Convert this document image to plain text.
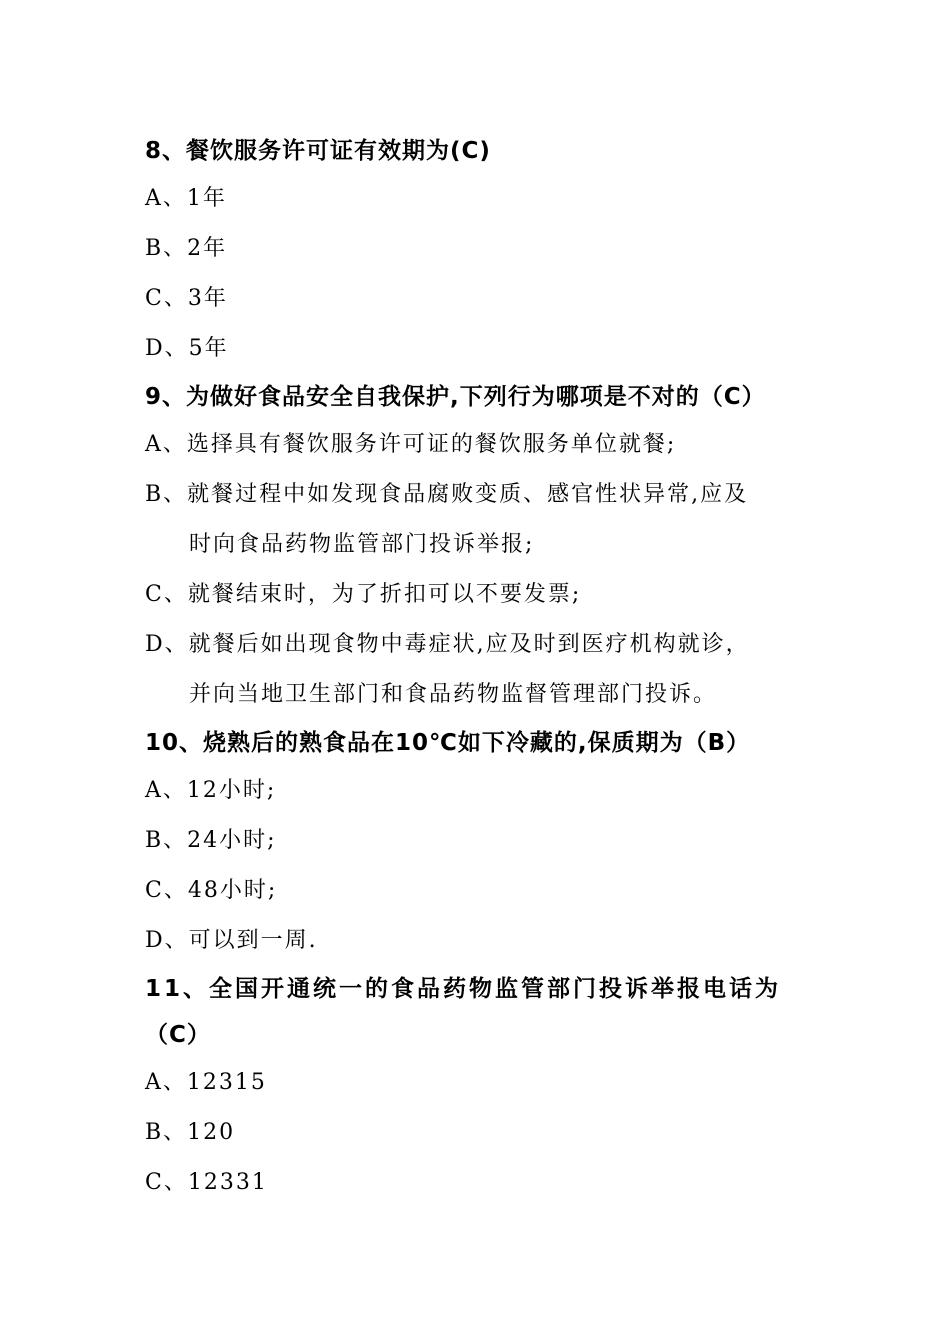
8、餐饮服务许可证有效期为(C)

A、1年

B、2年

C、3年

D、5年

9、为做好食品安全自我保护,下列行为哪项是不对的（C）

A、选择具有餐饮服务许可证的餐饮服务单位就餐;

B、就餐过程中如发现食品腐败变质、感官性状异常,应及

时向食品药物监管部门投诉举报;

C、就餐结束时，为了折扣可以不要发票;

D、就餐后如出现食物中毒症状,应及时到医疗机构就诊，

并向当地卫生部门和食品药物监督管理部门投诉。

10、烧熟后的熟食品在10℃如下冷藏的,保质期为（B）

A、12小时;

B、24小时;

C、48小时;

D、可以到一周.

11、全国开通统一的食品药物监管部门投诉举报电话为

（C）

A、12315

B、120

C、12331
